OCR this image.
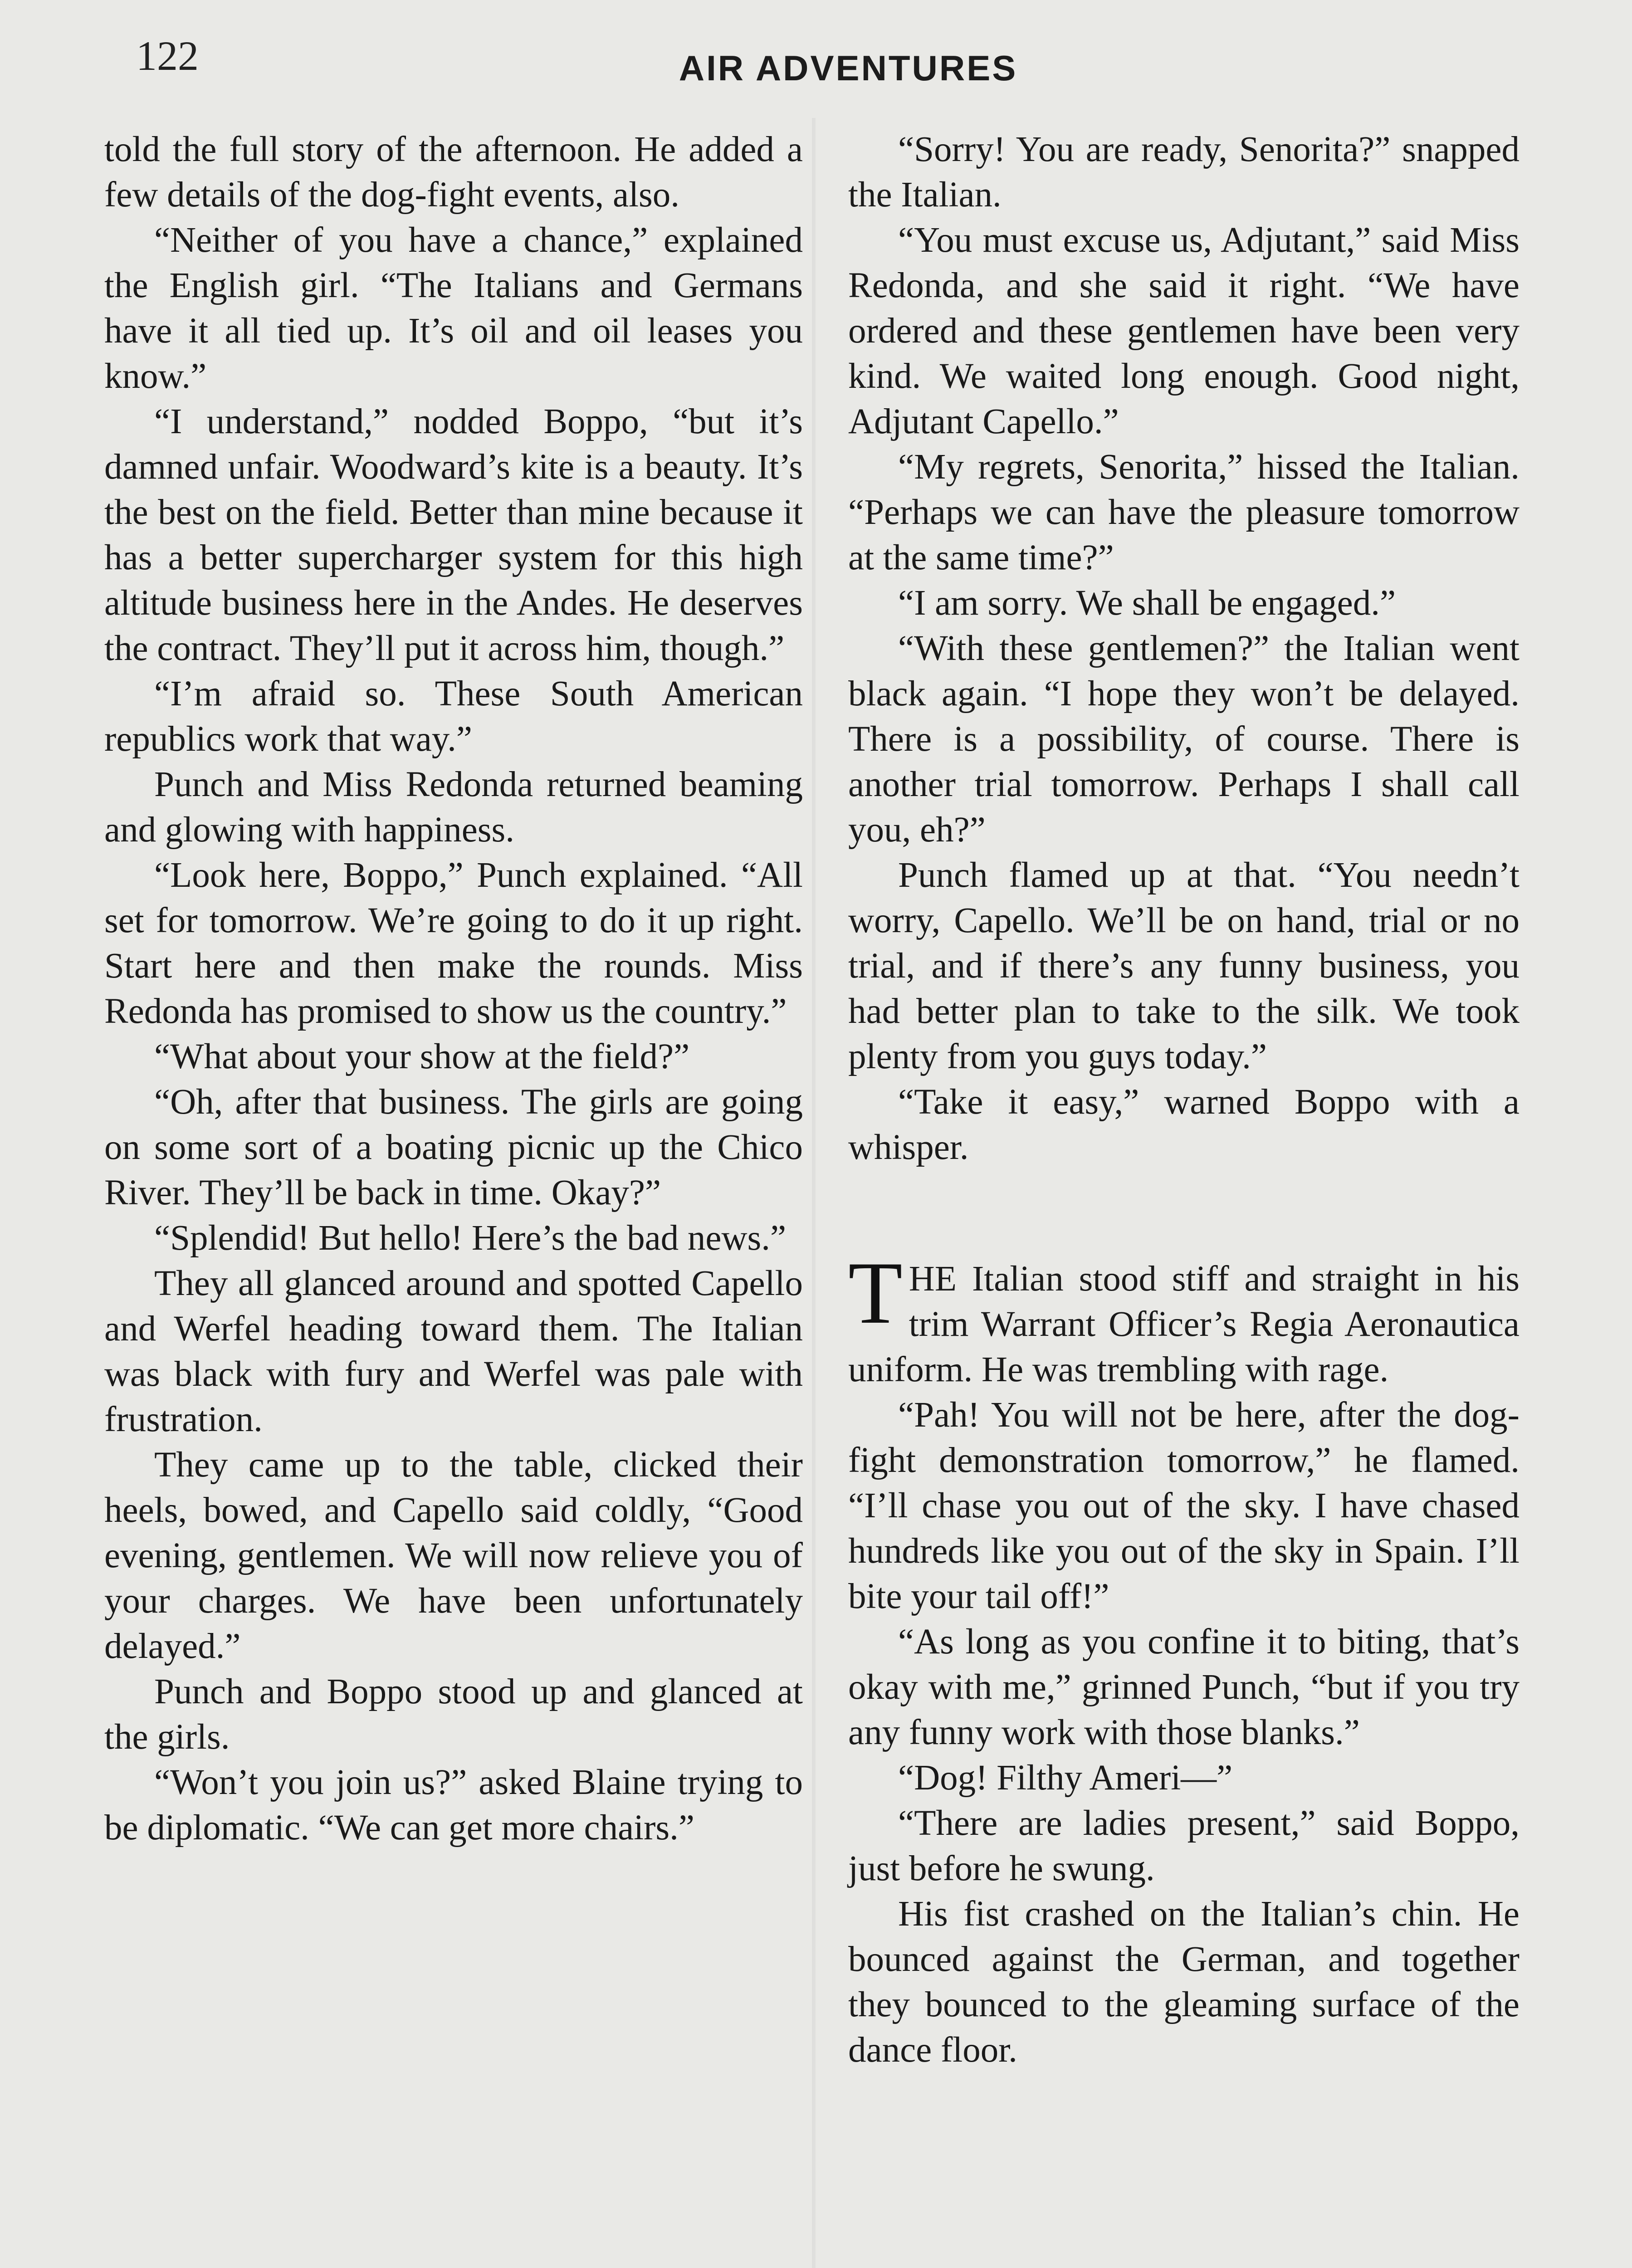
122	AIR ADVENTURES

told the full story of the afternoon. He added a few details of the dog-fight events, also.

“Neither of you have a chance,” explained the English girl. “The Italians and Germans have it all tied up. It’s oil and oil leases you know.”

“I understand,” nodded Boppo, “but it’s damned unfair. Woodward’s kite is a beauty. It’s the best on the field. Better than mine because it has a better supercharger system for this high altitude business here in the Andes. He deserves the contract. They’ll put it across him, though.”

“I’m afraid so. These South American republics work that way.”

Punch and Miss Redonda returned beaming and glowing with happiness.

“Look here, Boppo,” Punch explained. “All set for tomorrow. We’re going to do it up right. Start here and then make the rounds. Miss Redonda has promised to show us the country.”

“What about your show at the field?”

“Oh, after that business. The girls are going on some sort of a boating picnic up the Chico River. They’ll be back in time. Okay?”

“Splendid! But hello! Here’s the bad news.”

They all glanced around and spotted Capello and Werfel heading toward them. The Italian was black with fury and Werfel was pale with frustration.

They came up to the table, clicked their heels, bowed, and Capello said coldly, “Good evening, gentlemen. We will now relieve you of your charges. We have been unfortunately delayed.”

Punch and Boppo stood up and glanced at the girls.

“Won’t you join us?” asked Blaine trying to be diplomatic. “We can get more chairs.”

“Sorry! You are ready, Senorita?” snapped the Italian.

“You must excuse us, Adjutant,” said Miss Redonda, and she said it right. “We have ordered and these gentlemen have been very kind. We waited long enough. Good night, Adjutant Capello.”

“My regrets, Senorita,” hissed the Italian. “Perhaps we can have the pleasure tomorrow at the same time?”

“I am sorry. We shall be engaged.”

“With these gentlemen?” the Italian went black again. “I hope they won’t be delayed. There is a possibility, of course. There is another trial tomorrow. Perhaps I shall call you, eh?”

Punch flamed up at that. “You needn’t worry, Capello. We’ll be on hand, trial or no trial, and if there’s any funny business, you had better plan to take to the silk. We took plenty from you guys today.”

“Take it easy,” warned Boppo with a whisper.

THE Italian stood stiff and straight in his trim Warrant Officer’s Regia Aeronautica uniform. He was trembling with rage.

“Pah! You will not be here, after the dog-fight demonstration tomorrow,” he flamed. “I’ll chase you out of the sky. I have chased hundreds like you out of the sky in Spain. I’ll bite your tail off!”

“As long as you confine it to biting, that’s okay with me,” grinned Punch, “but if you try any funny work with those blanks.”

“Dog! Filthy Ameri—”

“There are ladies present,” said Boppo, just before he swung.

His fist crashed on the Italian’s chin. He bounced against the German, and together they bounced to the gleaming surface of the dance floor.
